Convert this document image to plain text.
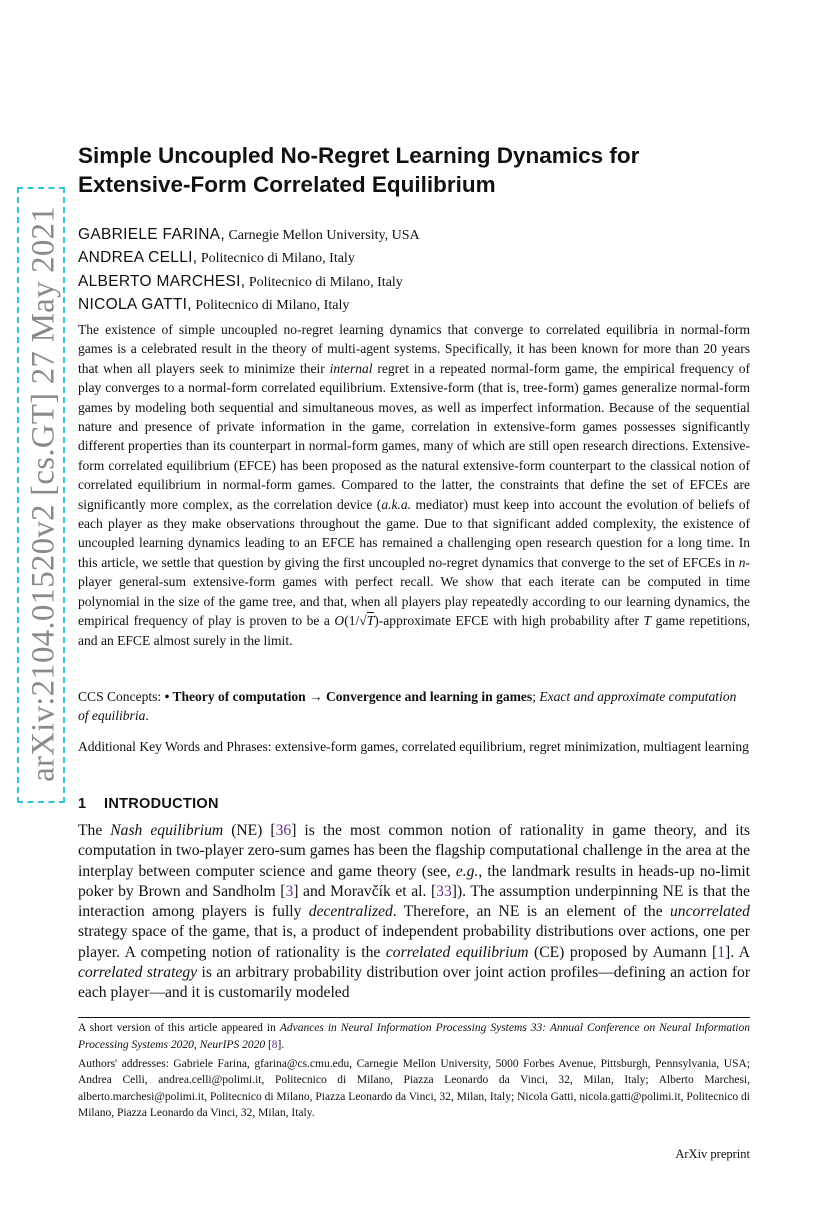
arXiv:2104.01520v2 [cs.GT] 27 May 2021
Simple Uncoupled No-Regret Learning Dynamics for
Extensive-Form Correlated Equilibrium
GABRIELE FARINA, Carnegie Mellon University, USA
ANDREA CELLI, Politecnico di Milano, Italy
ALBERTO MARCHESI, Politecnico di Milano, Italy
NICOLA GATTI, Politecnico di Milano, Italy

The existence of simple uncoupled no-regret learning dynamics that converge to correlated equilibria in normal-form games is a celebrated result in the theory of multi-agent systems. Specifically, it has been known for more than 20 years that when all players seek to minimize their internal regret in a repeated normal-form game, the empirical frequency of play converges to a normal-form correlated equilibrium. Extensive-form (that is, tree-form) games generalize normal-form games by modeling both sequential and simultaneous moves, as well as imperfect information. Because of the sequential nature and presence of private information in the game, correlation in extensive-form games possesses significantly different properties than its counterpart in normal-form games, many of which are still open research directions. Extensive-form correlated equilibrium (EFCE) has been proposed as the natural extensive-form counterpart to the classical notion of correlated equilibrium in normal-form games. Compared to the latter, the constraints that define the set of EFCEs are significantly more complex, as the correlation device (a.k.a. mediator) must keep into account the evolution of beliefs of each player as they make observations throughout the game. Due to that significant added complexity, the existence of uncoupled learning dynamics leading to an EFCE has remained a challenging open research question for a long time. In this article, we settle that question by giving the first uncoupled no-regret dynamics that converge to the set of EFCEs in n-player general-sum extensive-form games with perfect recall. We show that each iterate can be computed in time polynomial in the size of the game tree, and that, when all players play repeatedly according to our learning dynamics, the empirical frequency of play is proven to be a O(1/√T)-approximate EFCE with high probability after T game repetitions, and an EFCE almost surely in the limit.

CCS Concepts: • Theory of computation → Convergence and learning in games; Exact and approximate computation of equilibria.

Additional Key Words and Phrases: extensive-form games, correlated equilibrium, regret minimization, multiagent learning

1 INTRODUCTION

The Nash equilibrium (NE) [36] is the most common notion of rationality in game theory, and its computation in two-player zero-sum games has been the flagship computational challenge in the area at the interplay between computer science and game theory (see, e.g., the landmark results in heads-up no-limit poker by Brown and Sandholm [3] and Moravčík et al. [33]). The assumption underpinning NE is that the interaction among players is fully decentralized. Therefore, an NE is an element of the uncorrelated strategy space of the game, that is, a product of independent probability distributions over actions, one per player. A competing notion of rationality is the correlated equilibrium (CE) proposed by Aumann [1]. A correlated strategy is an arbitrary probability distribution over joint action profiles—defining an action for each player—and it is customarily modeled

A short version of this article appeared in Advances in Neural Information Processing Systems 33: Annual Conference on Neural Information Processing Systems 2020, NeurIPS 2020 [8].

Authors' addresses: Gabriele Farina, gfarina@cs.cmu.edu, Carnegie Mellon University, 5000 Forbes Avenue, Pittsburgh, Pennsylvania, USA; Andrea Celli, andrea.celli@polimi.it, Politecnico di Milano, Piazza Leonardo da Vinci, 32, Milan, Italy; Alberto Marchesi, alberto.marchesi@polimi.it, Politecnico di Milano, Piazza Leonardo da Vinci, 32, Milan, Italy; Nicola Gatti, nicola.gatti@polimi.it, Politecnico di Milano, Piazza Leonardo da Vinci, 32, Milan, Italy.

ArXiv preprint
